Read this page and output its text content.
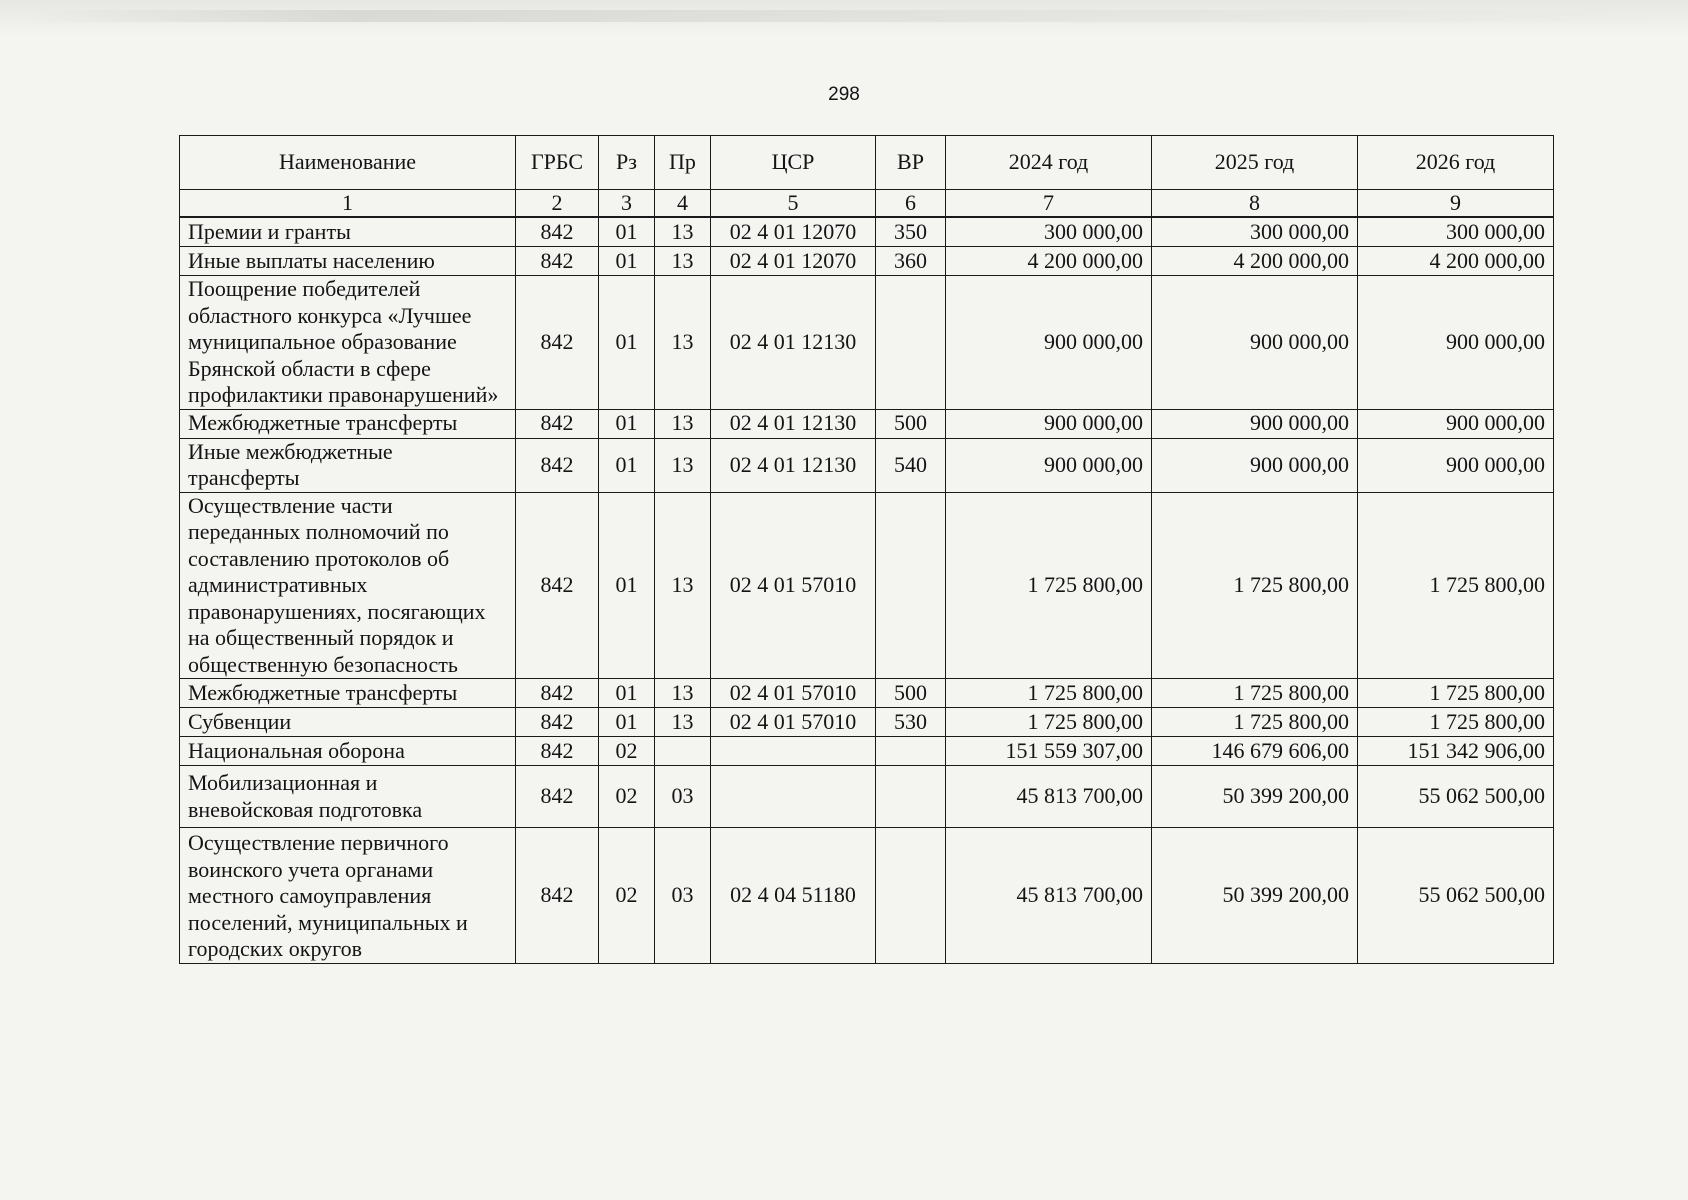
298
Наименование	ГРБС	Рз	Пр	ЦСР	ВР	2024 год	2025 год	2026 год
1	2	3	4	5	6	7	8	9
Премии и гранты	842	01	13	02 4 01 12070	350	300 000,00	300 000,00	300 000,00
Иные выплаты населению	842	01	13	02 4 01 12070	360	4 200 000,00	4 200 000,00	4 200 000,00
Поощрение победителей областного конкурса «Лучшее муниципальное образование Брянской области в сфере профилактики правонарушений»	842	01	13	02 4 01 12130		900 000,00	900 000,00	900 000,00
Межбюджетные трансферты	842	01	13	02 4 01 12130	500	900 000,00	900 000,00	900 000,00
Иные межбюджетные трансферты	842	01	13	02 4 01 12130	540	900 000,00	900 000,00	900 000,00
Осуществление части переданных полномочий по составлению протоколов об административных правонарушениях, посягающих на общественный порядок и общественную безопасность	842	01	13	02 4 01 57010		1 725 800,00	1 725 800,00	1 725 800,00
Межбюджетные трансферты	842	01	13	02 4 01 57010	500	1 725 800,00	1 725 800,00	1 725 800,00
Субвенции	842	01	13	02 4 01 57010	530	1 725 800,00	1 725 800,00	1 725 800,00
Национальная оборона	842	02				151 559 307,00	146 679 606,00	151 342 906,00
Мобилизационная и вневойсковая подготовка	842	02	03			45 813 700,00	50 399 200,00	55 062 500,00
Осуществление первичного воинского учета органами местного самоуправления поселений, муниципальных и городских округов	842	02	03	02 4 04 51180		45 813 700,00	50 399 200,00	55 062 500,00
